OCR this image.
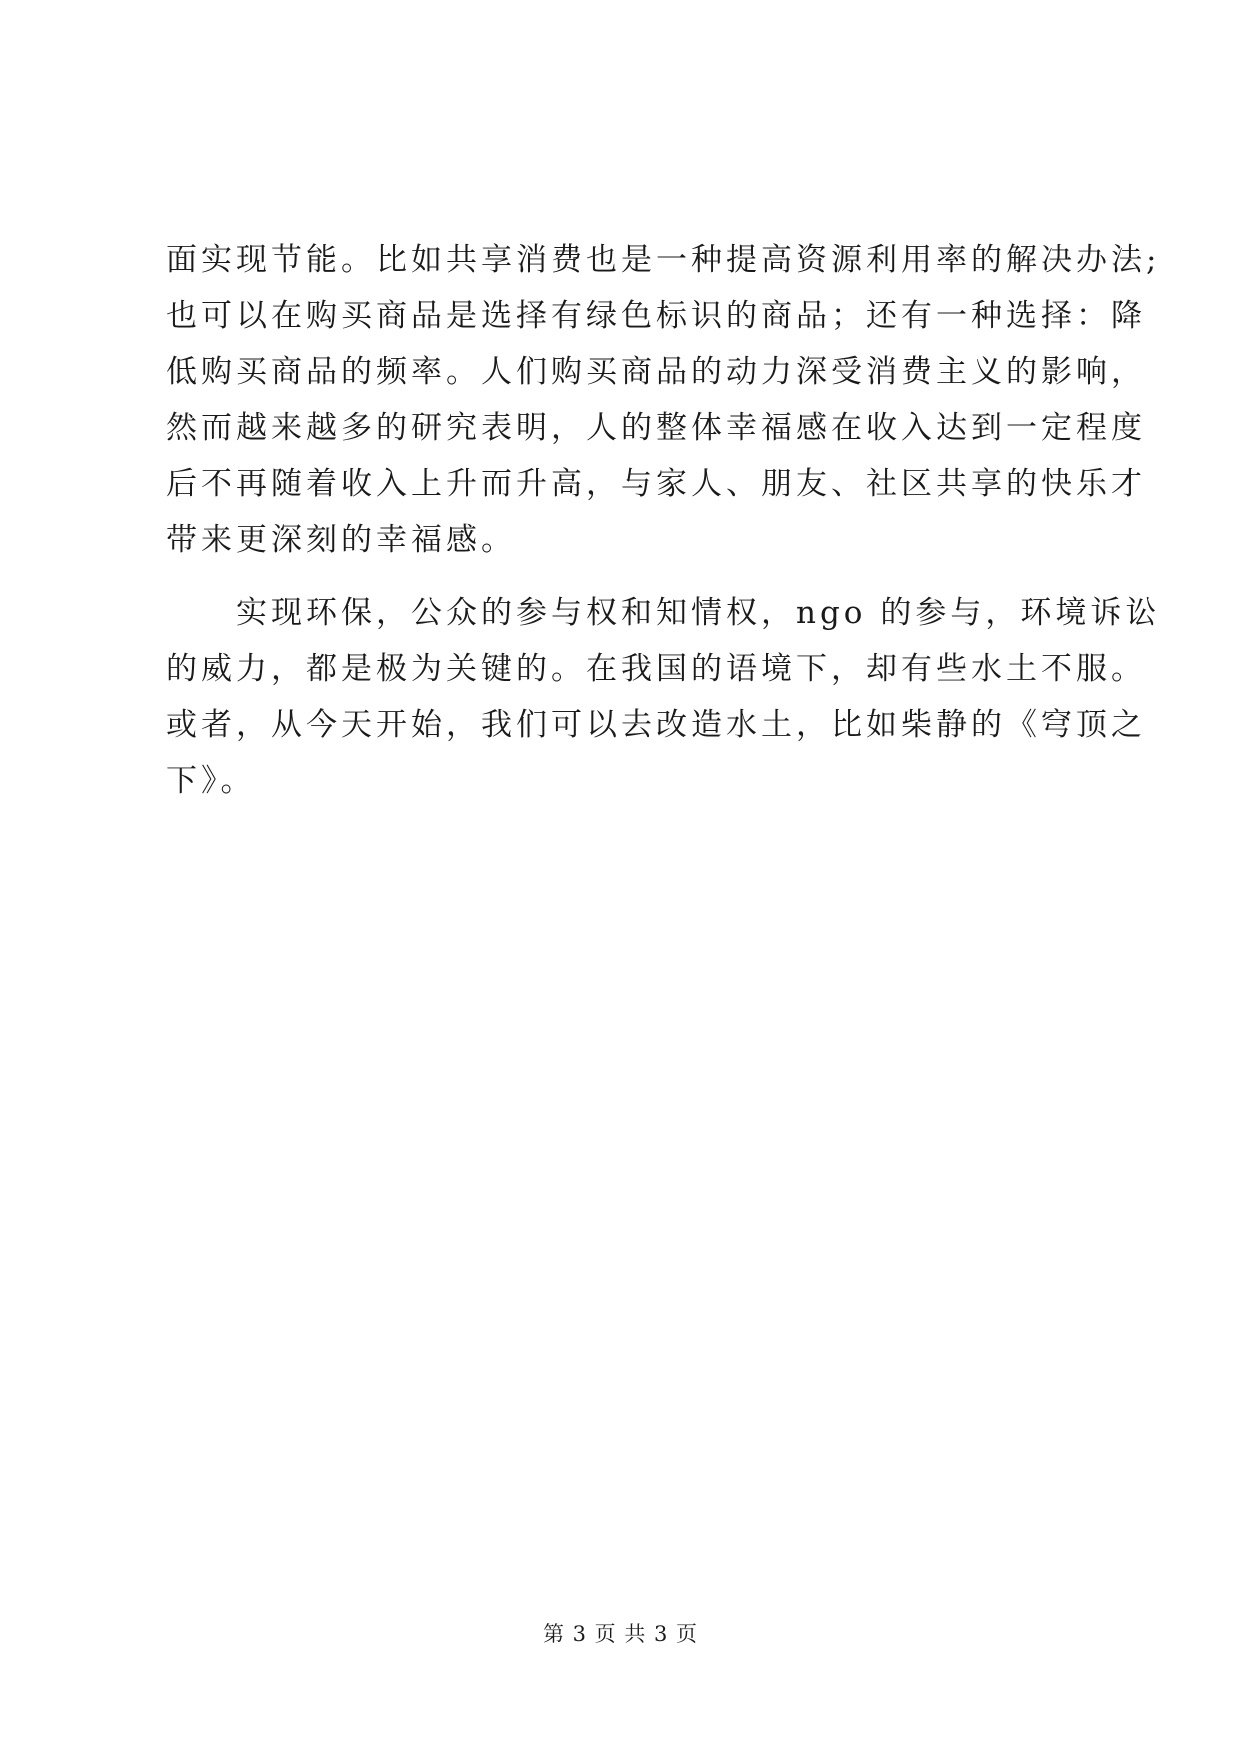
面实现节能。比如共享消费也是一种提高资源利用率的解决办法;
也可以在购买商品是选择有绿色标识的商品；还有一种选择：降
低购买商品的频率。人们购买商品的动力深受消费主义的影响，
然而越来越多的研究表明，人的整体幸福感在收入达到一定程度
后不再随着收入上升而升高，与家人、朋友、社区共享的快乐才
带来更深刻的幸福感。
　　实现环保，公众的参与权和知情权，ngo 的参与，环境诉讼
的威力，都是极为关键的。在我国的语境下，却有些水土不服。
或者，从今天开始，我们可以去改造水土，比如柴静的《穹顶之
下》。
第 3 页 共 3 页
